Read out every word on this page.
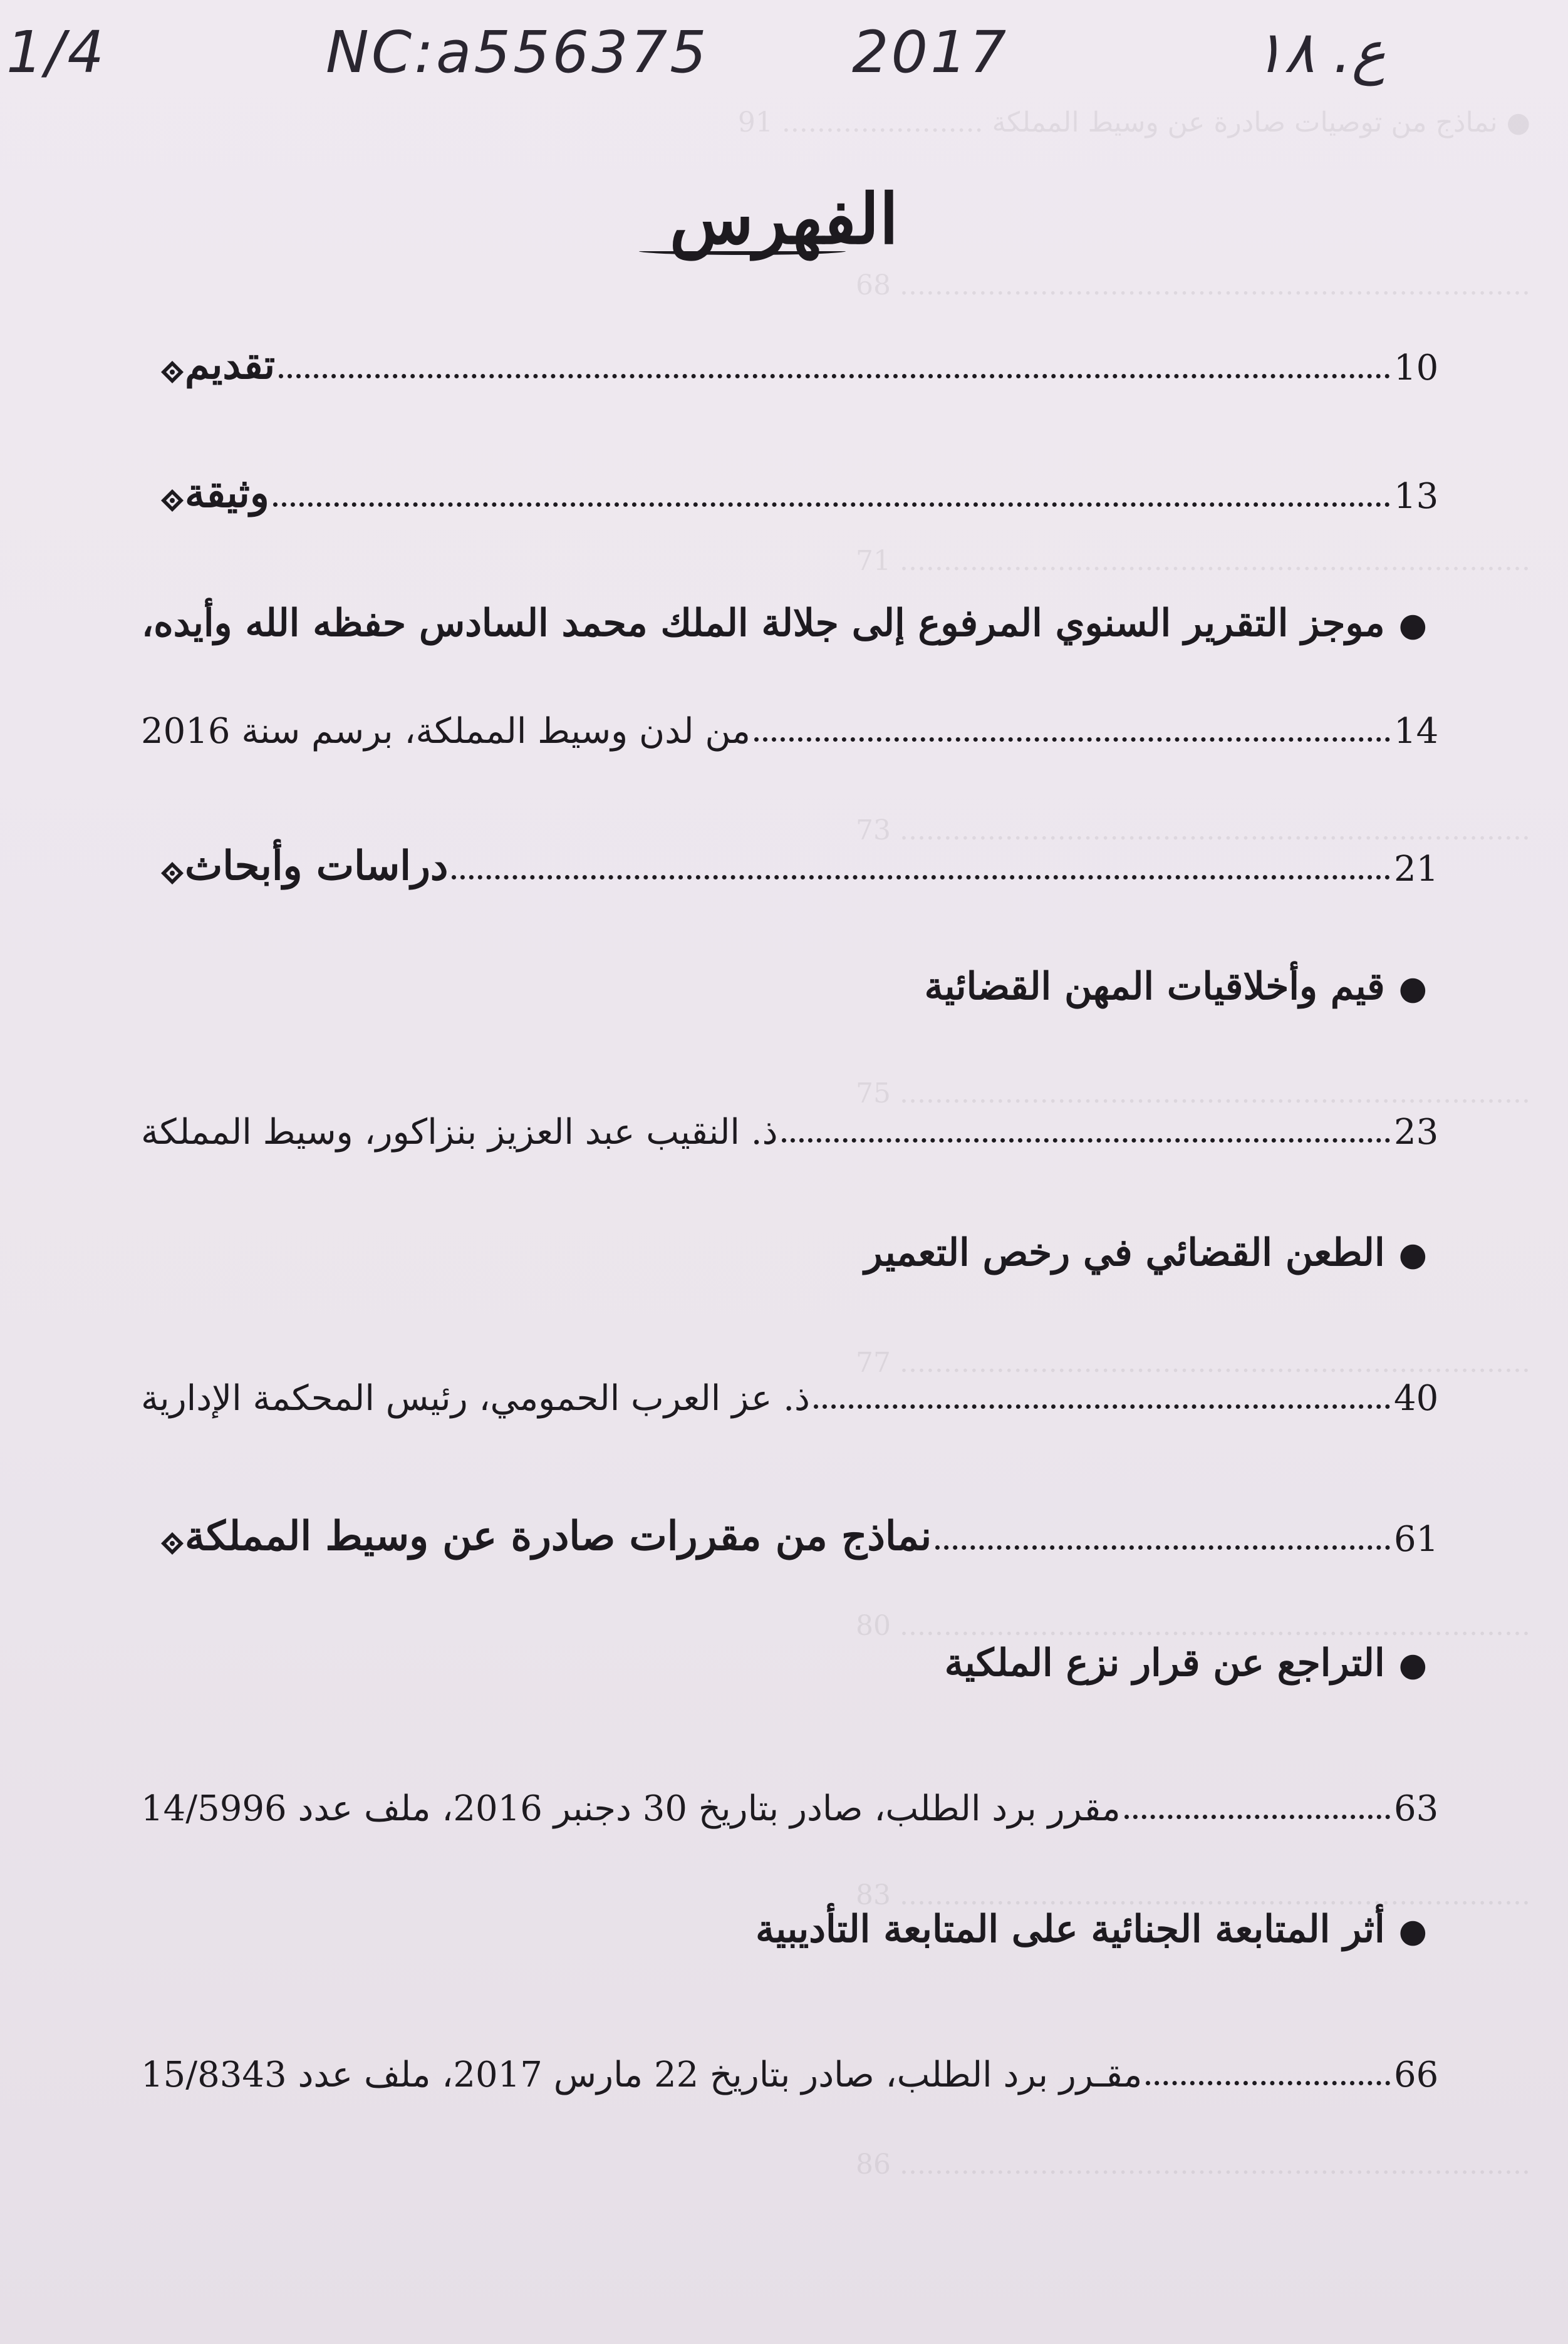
● نماذج من توصيات صادرة عن وسيط المملكة ....................... 91
........................................................................ 68
........................................................................ 71
........................................................................ 73
........................................................................ 75
........................................................................ 77
........................................................................ 80
........................................................................ 83
........................................................................ 86
1/4	NC:a556375 2017	ع. ١٨
الفهرس
تقديم	10
وثيقة	13
●موجز التقرير السنوي المرفوع إلى جلالة الملك محمد السادس حفظه الله وأيده،
من لدن وسيط المملكة، برسم سنة 2016	14
دراسات وأبحاث	21
●قيم وأخلاقيات المهن القضائية
ذ. النقيب عبد العزيز بنزاكور، وسيط المملكة	23
●الطعن القضائي في رخص التعمير
ذ. عز العرب الحمومي، رئيس المحكمة الإدارية	40
نماذج من مقررات صادرة عن وسيط المملكة	61
●التراجع عن قرار نزع الملكية
مقرر برد الطلب، صادر بتاريخ 30 دجنبر 2016، ملف عدد 14/5996	63
●أثر المتابعة الجنائية على المتابعة التأديبية
مقـرر برد الطلب، صادر بتاريخ 22 مارس 2017، ملف عدد 15/8343	66
